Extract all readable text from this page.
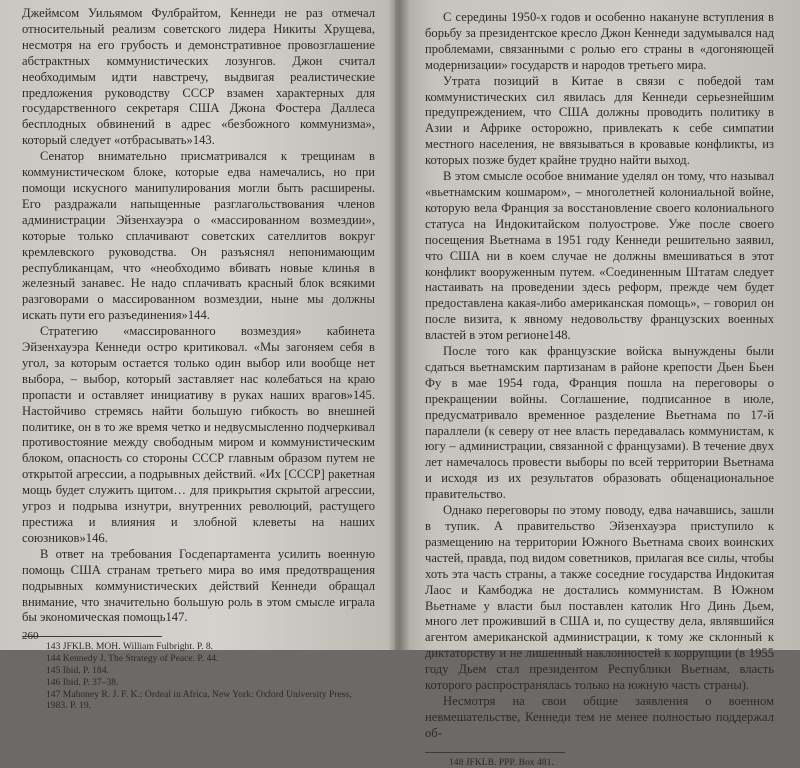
Джеймсом Уильямом Фулбрайтом, Кеннеди не раз отмечал относительный реализм советского лидера Никиты Хрущева, несмотря на его грубость и демонстративное провозглашение абстрактных коммунистических лозунгов. Джон считал необходимым идти навстречу, выдвигая реалистические предложения руководству СССР взамен характерных для государственного секретаря США Джона Фостера Даллеса бесплодных обвинений в адрес «безбожного коммунизма», который следует «отбрасывать»143.

Сенатор внимательно присматривался к трещинам в коммунистическом блоке, которые едва намечались, но при помощи искусного манипулирования могли быть расширены. Его раздражали напыщенные разглагольствования членов администрации Эйзенхауэра о «массированном возмездии», которые только сплачивают советских сателлитов вокруг кремлевского руководства. Он разъяснял непонимающим республиканцам, что «необходимо вбивать новые клинья в железный занавес. Не надо сплачивать красный блок всякими разговорами о массированном возмездии, ныне мы должны искать пути его разъединения»144.

Стратегию «массированного возмездия» кабинета Эйзенхауэра Кеннеди остро критиковал. «Мы загоняем себя в угол, за которым остается только один выбор или вообще нет выбора, – выбор, который заставляет нас колебаться на краю пропасти и оставляет инициативу в руках наших врагов»145. Настойчиво стремясь найти большую гибкость во внешней политике, он в то же время четко и недвусмысленно подчеркивал противостояние между свободным миром и коммунистическим блоком, опасность со стороны СССР главным образом путем не открытой агрессии, а подрывных действий. «Их [СССР] ракетная мощь будет служить щитом… для прикрытия скрытой агрессии, угроз и подрыва изнутри, внутренних революций, растущего престижа и влияния и злобной клеветы на наших союзников»146.

В ответ на требования Госдепартамента усилить военную помощь США странам третьего мира во имя предотвращения подрывных коммунистических действий Кеннеди обращал внимание, что значительно большую роль в этом смысле играла бы экономическая помощь147.

143 JFKLB. MOH. William Fulbright. P. 8.
144 Kennedy J. The Strategy of Peace. P. 44.
145 Ibid. P. 184.
146 Ibid. P. 37–38.
147 Mahoney R. J. F. K.: Ordeal in Africa. New York: Oxford University Press, 1983. P. 19.
260

С середины 1950-х годов и особенно накануне вступления в борьбу за президентское кресло Джон Кеннеди задумывался над проблемами, связанными с ролью его страны в «догоняющей модернизации» государств и народов третьего мира.

Утрата позиций в Китае в связи с победой там коммунистических сил явилась для Кеннеди серьезнейшим предупреждением, что США должны проводить политику в Азии и Африке осторожно, привлекать к себе симпатии местного населения, не ввязываться в кровавые конфликты, из которых позже будет крайне трудно найти выход.

В этом смысле особое внимание уделял он тому, что называл «вьетнамским кошмаром», – многолетней колониальной войне, которую вела Франция за восстановление своего колониального статуса на Индокитайском полуострове. Уже после своего посещения Вьетнама в 1951 году Кеннеди решительно заявил, что США ни в коем случае не должны вмешиваться в этот конфликт вооруженным путем. «Соединенным Штатам следует настаивать на проведении здесь реформ, прежде чем будет предоставлена какая-либо американская помощь», – говорил он после визита, к явному недовольству французских военных властей в этом регионе148.

После того как французские войска вынуждены были сдаться вьетнамским партизанам в районе крепости Дьен Бьен Фу в мае 1954 года, Франция пошла на переговоры о прекращении войны. Соглашение, подписанное в июле, предусматривало временное разделение Вьетнама по 17-й параллели (к северу от нее власть передавалась коммунистам, к югу – администрации, связанной с французами). В течение двух лет намечалось провести выборы по всей территории Вьетнама и исходя из их результатов образовать общенациональное правительство.

Однако переговоры по этому поводу, едва начавшись, зашли в тупик. А правительство Эйзенхауэра приступило к размещению на территории Южного Вьетнама своих воинских частей, правда, под видом советников, прилагая все силы, чтобы хоть эта часть страны, а также соседние государства Индокитая Лаос и Камбоджа не достались коммунистам. В Южном Вьетнаме у власти был поставлен католик Нго Динь Дьем, много лет проживший в США и, по существу дела, являвшийся агентом американской администрации, к тому же склонный к диктаторству и не лишенный наклонностей к коррупции (в 1955 году Дьем стал президентом Республики Вьетнам, власть которого распространялась только на южную часть страны).

Несмотря на свои общие заявления о военном невмешательстве, Кеннеди тем не менее полностью поддержал об-

148 JFKLB. PPP. Box 481.
